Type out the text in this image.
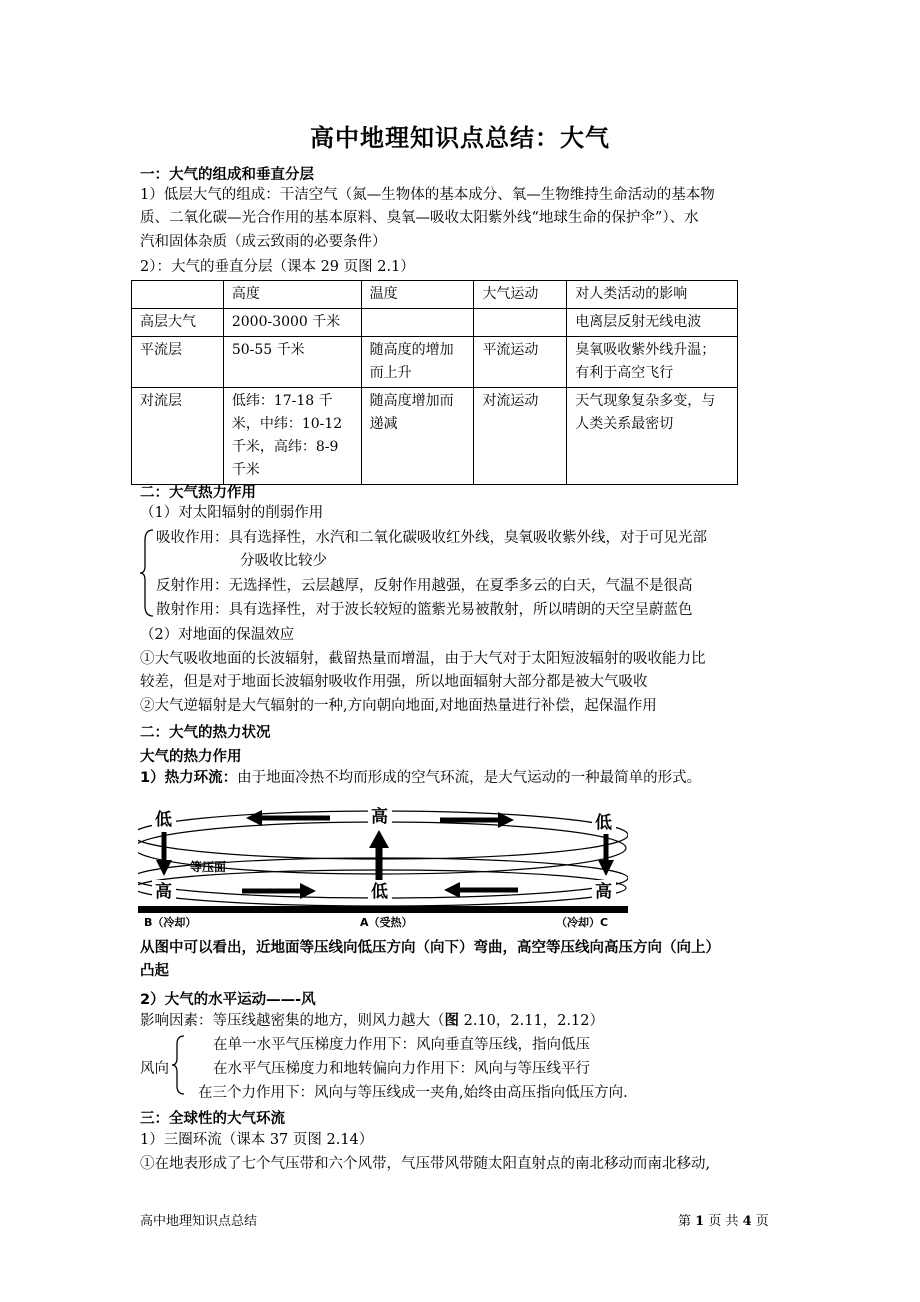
高中地理知识点总结：大气
一：大气的组成和垂直分层
1）低层大气的组成：干洁空气（氮—生物体的基本成分、氧—生物维持生命活动的基本物
质、二氧化碳—光合作用的基本原料、臭氧—吸收太阳紫外线“地球生命的保护伞”）、水
汽和固体杂质（成云致雨的必要条件）
2）：大气的垂直分层（课本 29 页图 2.1）
	高度	温度	大气运动	对人类活动的影响
高层大气	2000-3000 千米			电离层反射无线电波
平流层	50-55 千米	随高度的增加而上升	平流运动	臭氧吸收紫外线升温；有利于高空飞行
对流层	低纬：17-18 千米，中纬：10-12 千米，高纬：8-9 千米	随高度增加而递减	对流运动	天气现象复杂多变，与人类关系最密切
二：大气热力作用
（1）对太阳辐射的削弱作用
吸收作用：具有选择性，水汽和二氧化碳吸收红外线，臭氧吸收紫外线，对于可见光部
分吸收比较少
反射作用：无选择性，云层越厚，反射作用越强，在夏季多云的白天，气温不是很高
散射作用：具有选择性，对于波长较短的篮紫光易被散射，所以晴朗的天空呈蔚蓝色
（2）对地面的保温效应
①大气吸收地面的长波辐射，截留热量而增温，由于大气对于太阳短波辐射的吸收能力比
较差，但是对于地面长波辐射吸收作用强，所以地面辐射大部分都是被大气吸收
②大气逆辐射是大气辐射的一种,方向朝向地面,对地面热量进行补偿，起保温作用
二：大气的热力状况
大气的热力作用
1）热力环流：由于地面冷热不均而形成的空气环流，是大气运动的一种最简单的形式。
低	高	低
高	低	高
等压面
B（冷却）	A（受热）	（冷却）C
从图中可以看出，近地面等压线向低压方向（向下）弯曲，高空等压线向高压方向（向上）
凸起
2）大气的水平运动——-风
影响因素：等压线越密集的地方，则风力越大（图 2.10，2.11，2.12）
风向
在单一水平气压梯度力作用下：风向垂直等压线，指向低压
在水平气压梯度力和地转偏向力作用下：风向与等压线平行
在三个力作用下：风向与等压线成一夹角,始终由高压指向低压方向.
三：全球性的大气环流
1）三圈环流（课本 37 页图 2.14）
①在地表形成了七个气压带和六个风带，气压带风带随太阳直射点的南北移动而南北移动,
高中地理知识点总结	第 1 页 共 4 页
